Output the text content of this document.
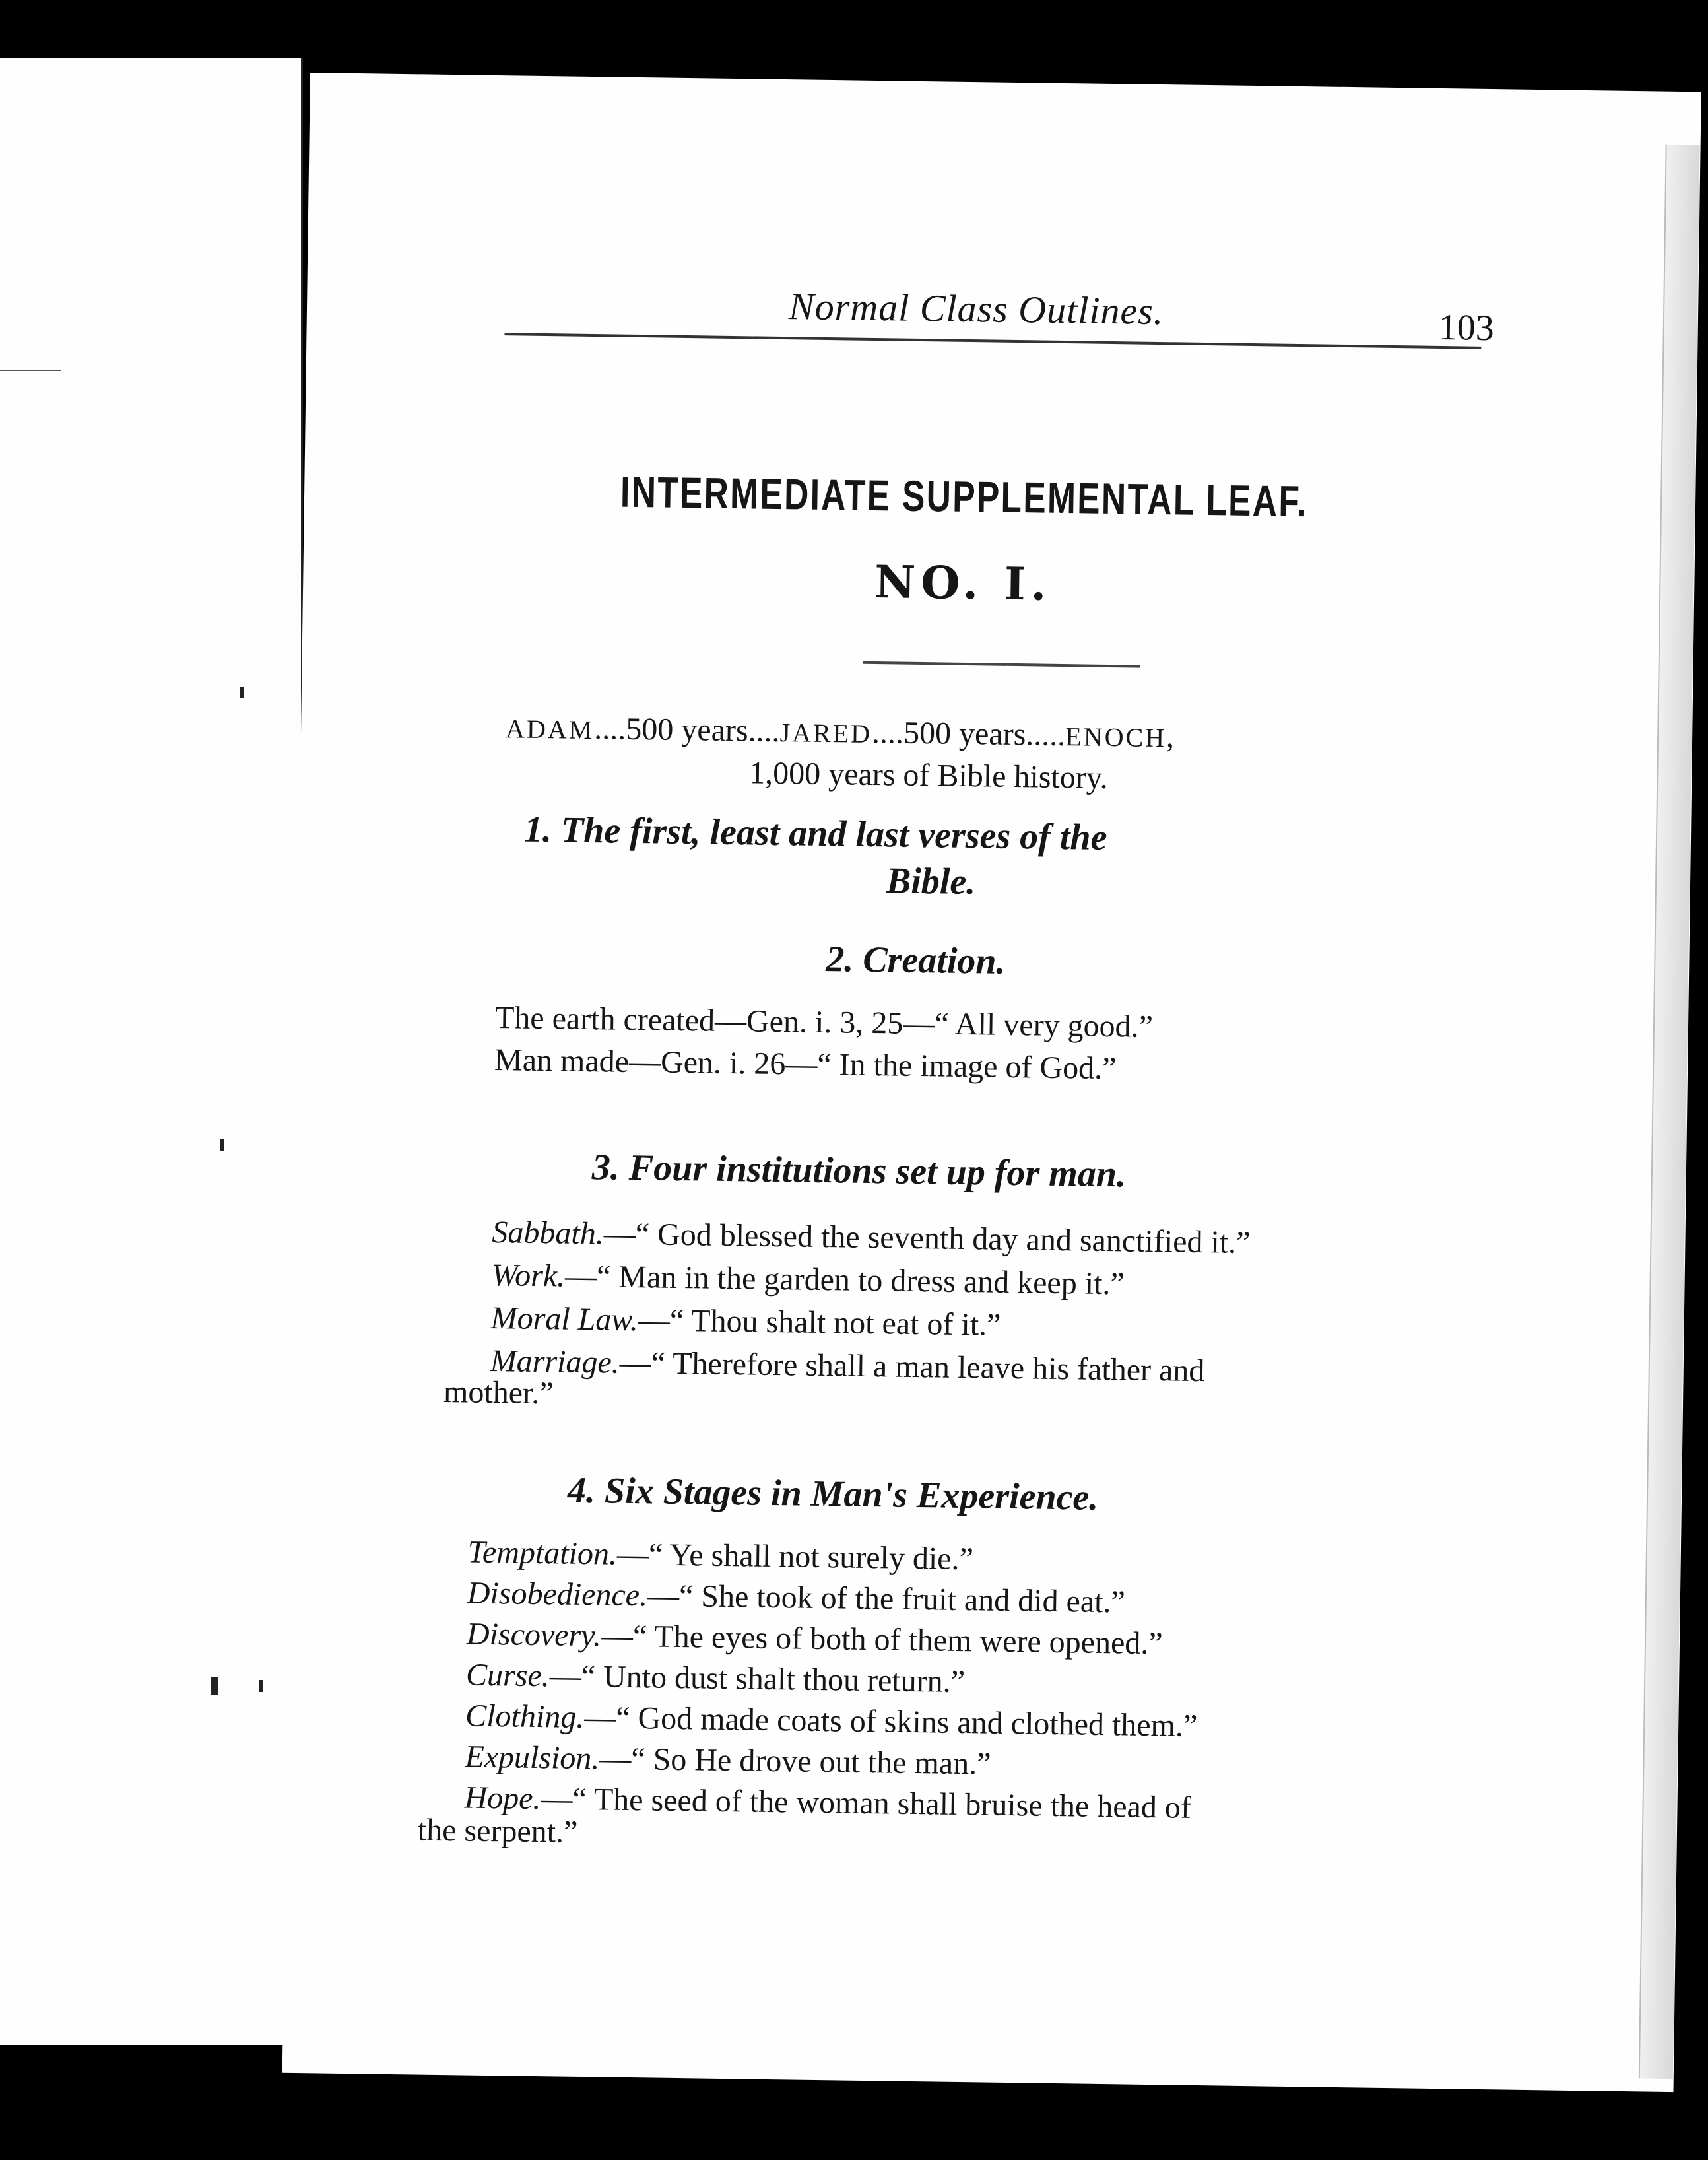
Normal Class Outlines.	103
INTERMEDIATE SUPPLEMENTAL LEAF.
NO. I.
ADAM....500 years....JARED....500 years.....ENOCH,
1,000 years of Bible history.
1. The first, least and last verses of the
Bible.
2. Creation.
The earth created—Gen. i. 3, 25—“ All very good.”
Man made—Gen. i. 26—“ In the image of God.”
3. Four institutions set up for man.
Sabbath.—“ God blessed the seventh day and sanctified it.”
Work.—“ Man in the garden to dress and keep it.”
Moral Law.—“ Thou shalt not eat of it.”
Marriage.—“ Therefore shall a man leave his father and
mother.”
4. Six Stages in Man's Experience.
Temptation.—“ Ye shall not surely die.”
Disobedience.—“ She took of the fruit and did eat.”
Discovery.—“ The eyes of both of them were opened.”
Curse.—“ Unto dust shalt thou return.”
Clothing.—“ God made coats of skins and clothed them.”
Expulsion.—“ So He drove out the man.”
Hope.—“ The seed of the woman shall bruise the head of
the serpent.”
